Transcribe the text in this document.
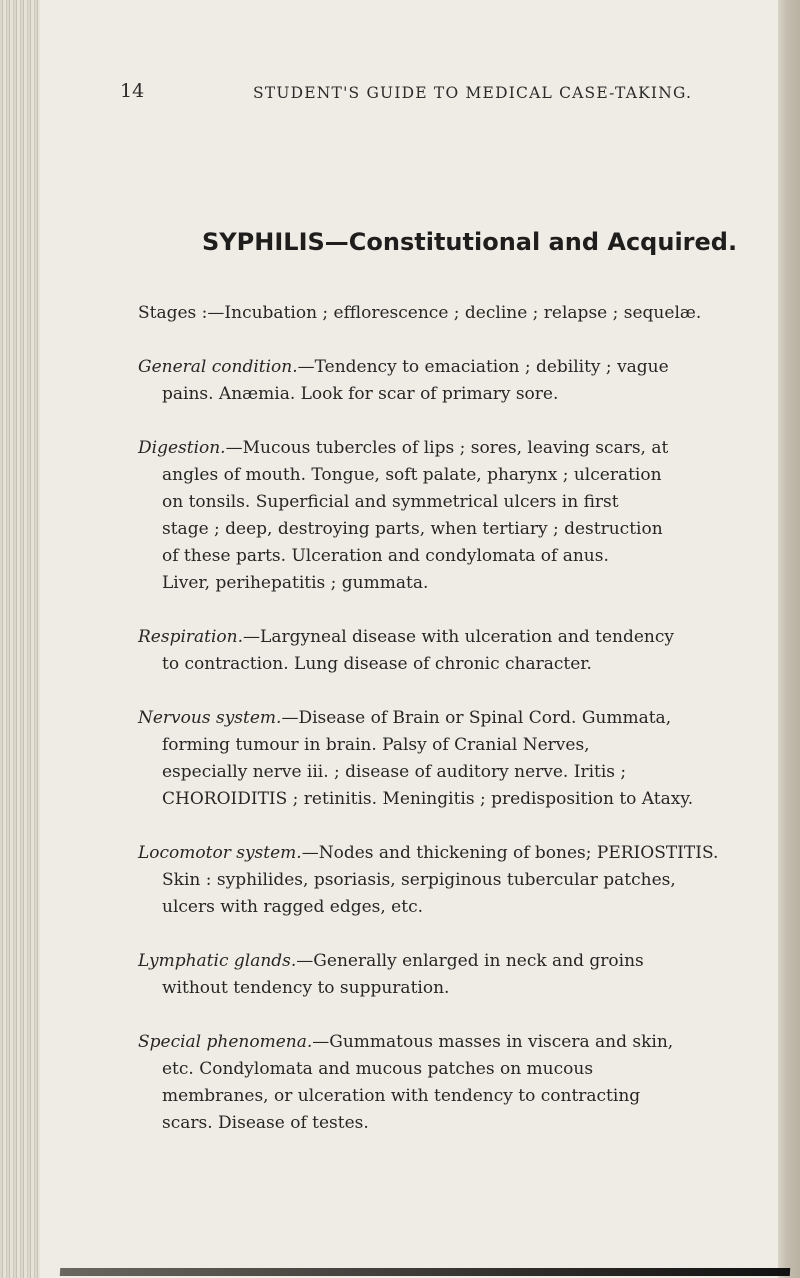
14	STUDENT'S GUIDE TO MEDICAL CASE-TAKING.
SYPHILIS—Constitutional and Acquired.

Stages :—Incubation ; efflorescence ; decline ; relapse ; sequelæ.

General condition.—Tendency to emaciation ; debility ; vague
pains. Anæmia. Look for scar of primary sore.

Digestion.—Mucous tubercles of lips ; sores, leaving scars, at
angles of mouth. Tongue, soft palate, pharynx ; ulceration
on tonsils. Superficial and symmetrical ulcers in first
stage ; deep, destroying parts, when tertiary ; destruction
of these parts. Ulceration and condylomata of anus.
Liver, perihepatitis ; gummata.

Respiration.—Largyneal disease with ulceration and tendency
to contraction. Lung disease of chronic character.

Nervous system.—Disease of Brain or Spinal Cord. Gummata,
forming tumour in brain. Palsy of Cranial Nerves,
especially nerve iii. ; disease of auditory nerve. Iritis ;
CHOROIDITIS ; retinitis. Meningitis ; predisposition to Ataxy.

Locomotor system.—Nodes and thickening of bones; PERIOSTITIS.
Skin : syphilides, psoriasis, serpiginous tubercular patches,
ulcers with ragged edges, etc.

Lymphatic glands.—Generally enlarged in neck and groins
without tendency to suppuration.

Special phenomena.—Gummatous masses in viscera and skin,
etc. Condylomata and mucous patches on mucous
membranes, or ulceration with tendency to contracting
scars. Disease of testes.
